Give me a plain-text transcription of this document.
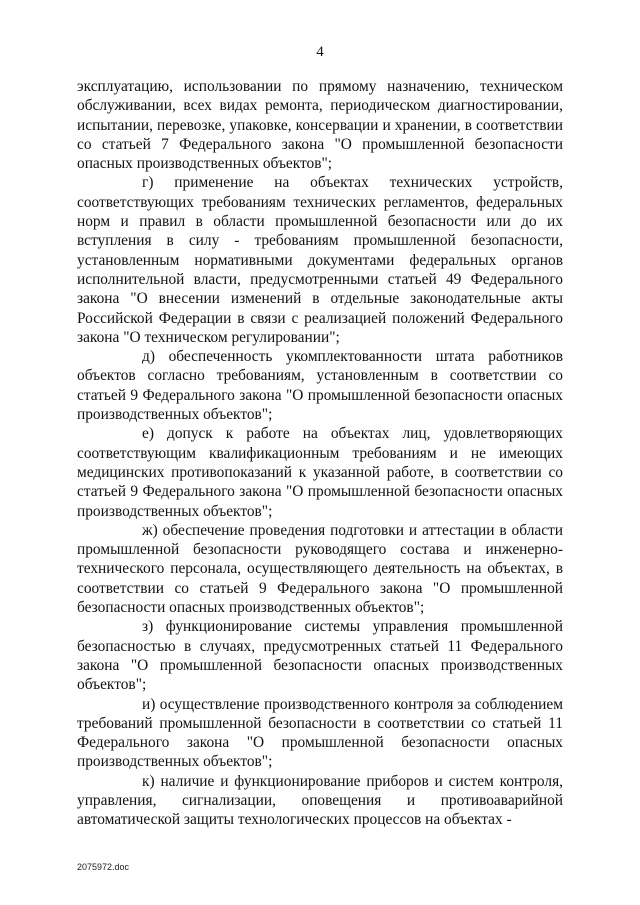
4

эксплуатацию, использовании по прямому назначению, техническом обслуживании, всех видах ремонта, периодическом диагностировании, испытании, перевозке, упаковке, консервации и хранении, в соответствии со статьей 7 Федерального закона "О промышленной безопасности опасных производственных объектов";

г) применение на объектах технических устройств, соответствующих требованиям технических регламентов, федеральных норм и правил в области промышленной безопасности или до их вступления в силу - требованиям промышленной безопасности, установленным нормативными документами федеральных органов исполнительной власти, предусмотренными статьей 49 Федерального закона "О внесении изменений в отдельные законодательные акты Российской Федерации в связи с реализацией положений Федерального закона "О техническом регулировании";

д) обеспеченность укомплектованности штата работников объектов согласно требованиям, установленным в соответствии со статьей 9 Федерального закона "О промышленной безопасности опасных производственных объектов";

е) допуск к работе на объектах лиц, удовлетворяющих соответствующим квалификационным требованиям и не имеющих медицинских противопоказаний к указанной работе, в соответствии со статьей 9 Федерального закона "О промышленной безопасности опасных производственных объектов";

ж) обеспечение проведения подготовки и аттестации в области промышленной безопасности руководящего состава и инженерно-технического персонала, осуществляющего деятельность на объектах, в соответствии со статьей 9 Федерального закона "О промышленной безопасности опасных производственных объектов";

з) функционирование системы управления промышленной безопасностью в случаях, предусмотренных статьей 11 Федерального закона "О промышленной безопасности опасных производственных объектов";

и) осуществление производственного контроля за соблюдением требований промышленной безопасности в соответствии со статьей 11 Федерального закона "О промышленной безопасности опасных производственных объектов";

к) наличие и функционирование приборов и систем контроля, управления, сигнализации, оповещения и противоаварийной автоматической защиты технологических процессов на объектах -

2075972.doc
